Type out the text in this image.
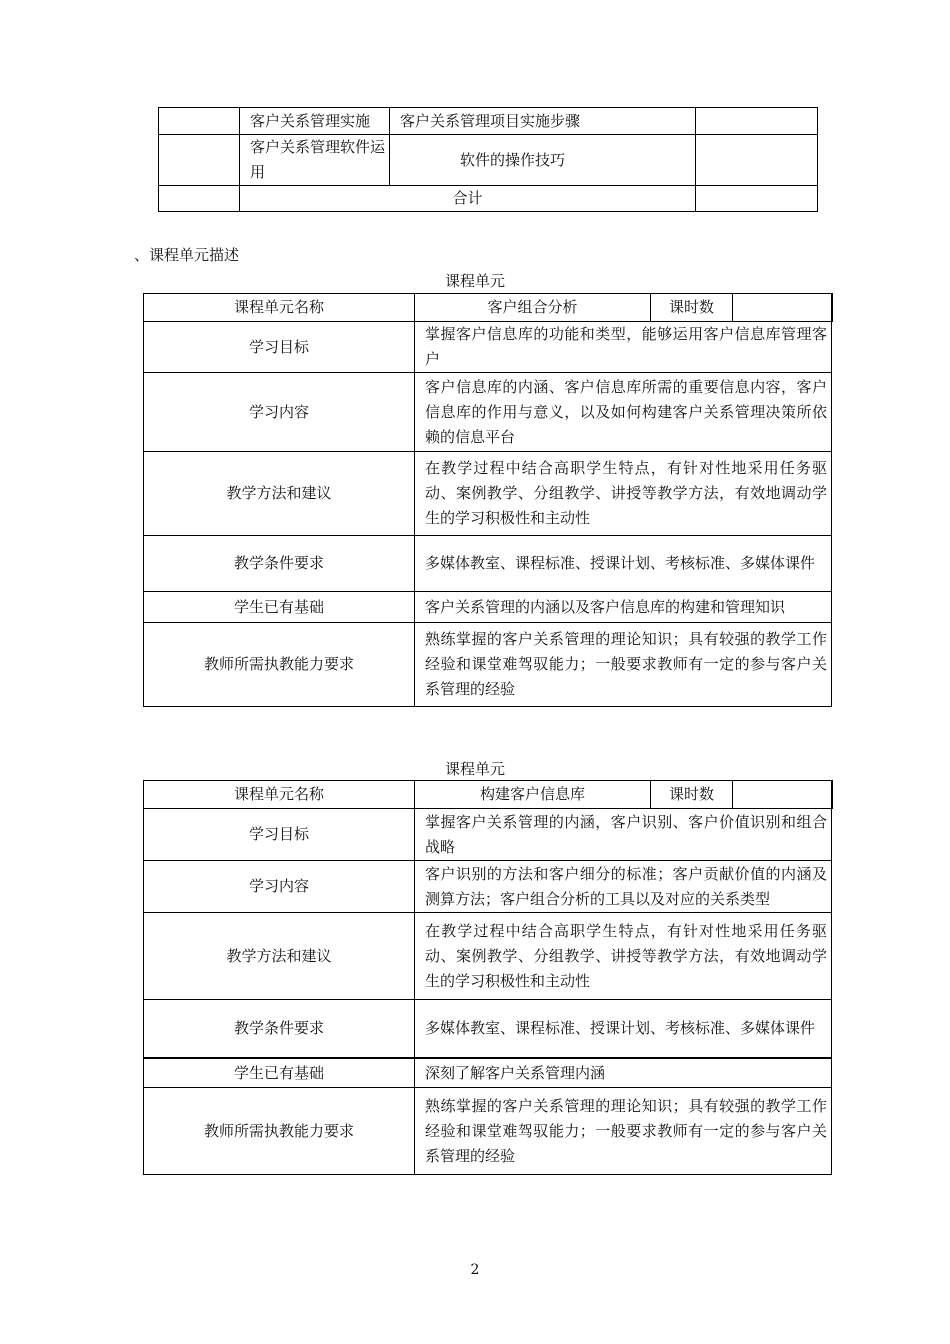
	客户关系管理实施	客户关系管理项目实施步骤	
	客户关系管理软件运用	软件的操作技巧	
	合计		
、课程单元描述
课程单元
课程单元名称	客户组合分析	课时数	
学习目标	掌握客户信息库的功能和类型，能够运用客户信息库管理客户		
学习内容	客户信息库的内涵、客户信息库所需的重要信息内容，客户信息库的作用与意义，以及如何构建客户关系管理决策所依赖的信息平台		
教学方法和建议	在教学过程中结合高职学生特点，有针对性地采用任务驱动、案例教学、分组教学、讲授等教学方法，有效地调动学生的学习积极性和主动性		
教学条件要求	多媒体教室、课程标准、授课计划、考核标准、多媒体课件		
学生已有基础	客户关系管理的内涵以及客户信息库的构建和管理知识		
教师所需执教能力要求	熟练掌握的客户关系管理的理论知识；具有较强的教学工作经验和课堂难驾驭能力；一般要求教师有一定的参与客户关系管理的经验		
课程单元
课程单元名称	构建客户信息库	课时数	
学习目标	掌握客户关系管理的内涵，客户识别、客户价值识别和组合战略		
学习内容	客户识别的方法和客户细分的标准；客户贡献价值的内涵及测算方法；客户组合分析的工具以及对应的关系类型		
教学方法和建议	在教学过程中结合高职学生特点，有针对性地采用任务驱动、案例教学、分组教学、讲授等教学方法，有效地调动学生的学习积极性和主动性		
教学条件要求	多媒体教室、课程标准、授课计划、考核标准、多媒体课件		
学生已有基础	深刻了解客户关系管理内涵		
教师所需执教能力要求	熟练掌握的客户关系管理的理论知识；具有较强的教学工作经验和课堂难驾驭能力；一般要求教师有一定的参与客户关系管理的经验		
2
